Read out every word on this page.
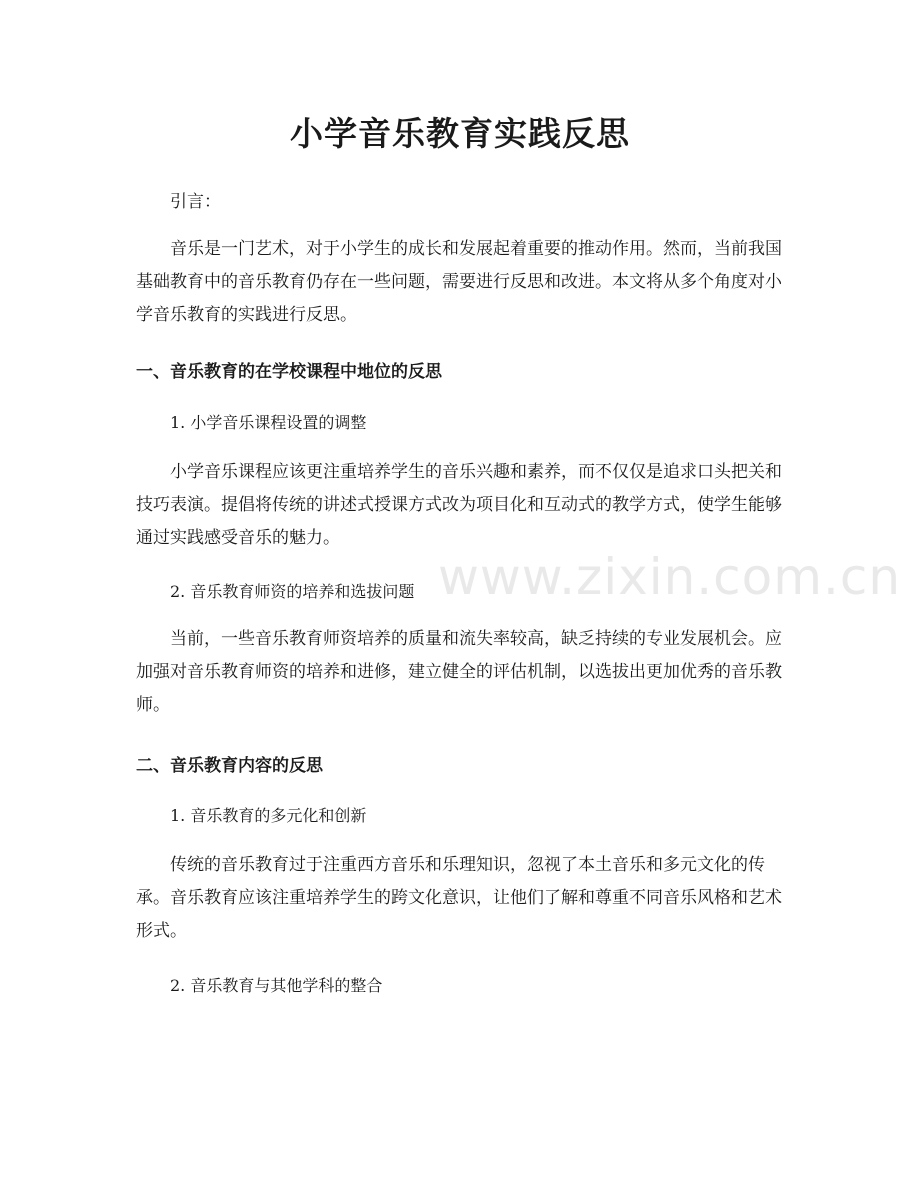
小学音乐教育实践反思

引言：

音乐是一门艺术，对于小学生的成长和发展起着重要的推动作用。然而，当前我国基础教育中的音乐教育仍存在一些问题，需要进行反思和改进。本文将从多个角度对小学音乐教育的实践进行反思。

一、音乐教育的在学校课程中地位的反思

1. 小学音乐课程设置的调整

小学音乐课程应该更注重培养学生的音乐兴趣和素养，而不仅仅是追求口头把关和技巧表演。提倡将传统的讲述式授课方式改为项目化和互动式的教学方式，使学生能够通过实践感受音乐的魅力。

2. 音乐教育师资的培养和选拔问题

当前，一些音乐教育师资培养的质量和流失率较高，缺乏持续的专业发展机会。应加强对音乐教育师资的培养和进修，建立健全的评估机制，以选拔出更加优秀的音乐教师。

二、音乐教育内容的反思

1. 音乐教育的多元化和创新

传统的音乐教育过于注重西方音乐和乐理知识，忽视了本土音乐和多元文化的传承。音乐教育应该注重培养学生的跨文化意识，让他们了解和尊重不同音乐风格和艺术形式。

2. 音乐教育与其他学科的整合

www.zixin.com.cn
